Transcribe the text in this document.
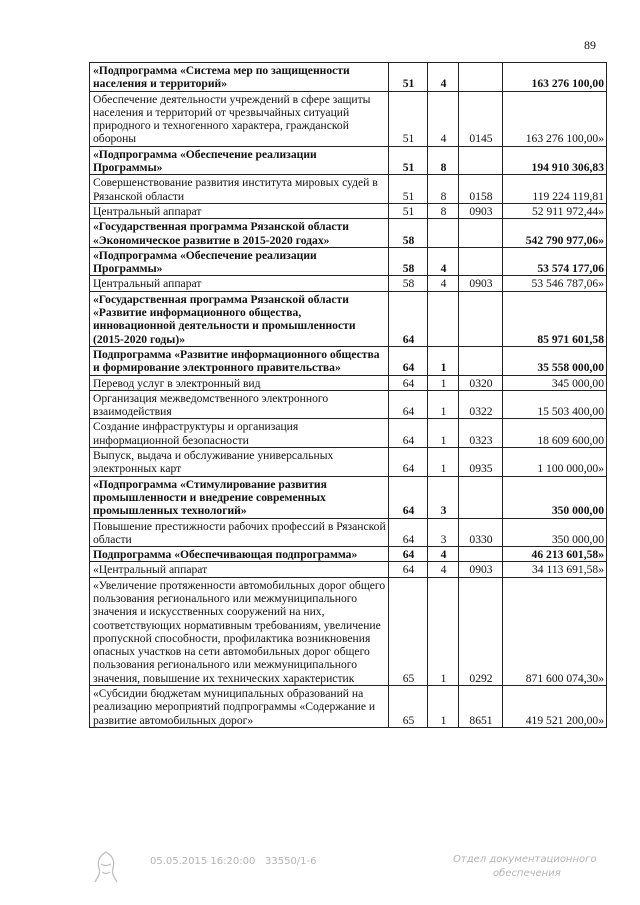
89
«Подпрограмма «Система мер по защищенности населения и территорий»	51	4		163 276 100,00
Обеспечение деятельности учреждений в сфере защиты населения и территорий от чрезвычайных ситуаций природного и техногенного характера, гражданской обороны	51	4	0145	163 276 100,00»
«Подпрограмма «Обеспечение реализации Программы»	51	8		194 910 306,83
Совершенствование развития института мировых судей в Рязанской области	51	8	0158	119 224 119,81
Центральный аппарат	51	8	0903	52 911 972,44»
«Государственная программа Рязанской области «Экономическое развитие в 2015-2020 годах»	58			542 790 977,06»
«Подпрограмма «Обеспечение реализации Программы»	58	4		53 574 177,06
Центральный аппарат	58	4	0903	53 546 787,06»
«Государственная программа Рязанской области «Развитие информационного общества, инновационной деятельности и промышленности (2015-2020 годы)»	64			85 971 601,58
Подпрограмма «Развитие информационного общества и формирование электронного правительства»	64	1		35 558 000,00
Перевод услуг в электронный вид	64	1	0320	345 000,00
Организация межведомственного электронного взаимодействия	64	1	0322	15 503 400,00
Создание инфраструктуры и организация информационной безопасности	64	1	0323	18 609 600,00
Выпуск, выдача и обслуживание универсальных электронных карт	64	1	0935	1 100 000,00»
«Подпрограмма «Стимулирование развития промышленности и внедрение современных промышленных технологий»	64	3		350 000,00
Повышение престижности рабочих профессий в Рязанской области	64	3	0330	350 000,00
Подпрограмма «Обеспечивающая подпрограмма»	64	4		46 213 601,58»
«Центральный аппарат	64	4	0903	34 113 691,58»
«Увеличение протяженности автомобильных дорог общего пользования регионального или межмуниципального значения и искусственных сооружений на них, соответствующих нормативным требованиям, увеличение пропускной способности, профилактика возникновения опасных участков на сети автомобильных дорог общего пользования регионального или межмуниципального значения, повышение их технических характеристик	65	1	0292	871 600 074,30»
«Субсидии бюджетам муниципальных образований на реализацию мероприятий подпрограммы «Содержание и развитие автомобильных дорог»	65	1	8651	419 521 200,00»
05.05.2015 16:20:00 33550/1-6	Отдел документационного
обеспечения
